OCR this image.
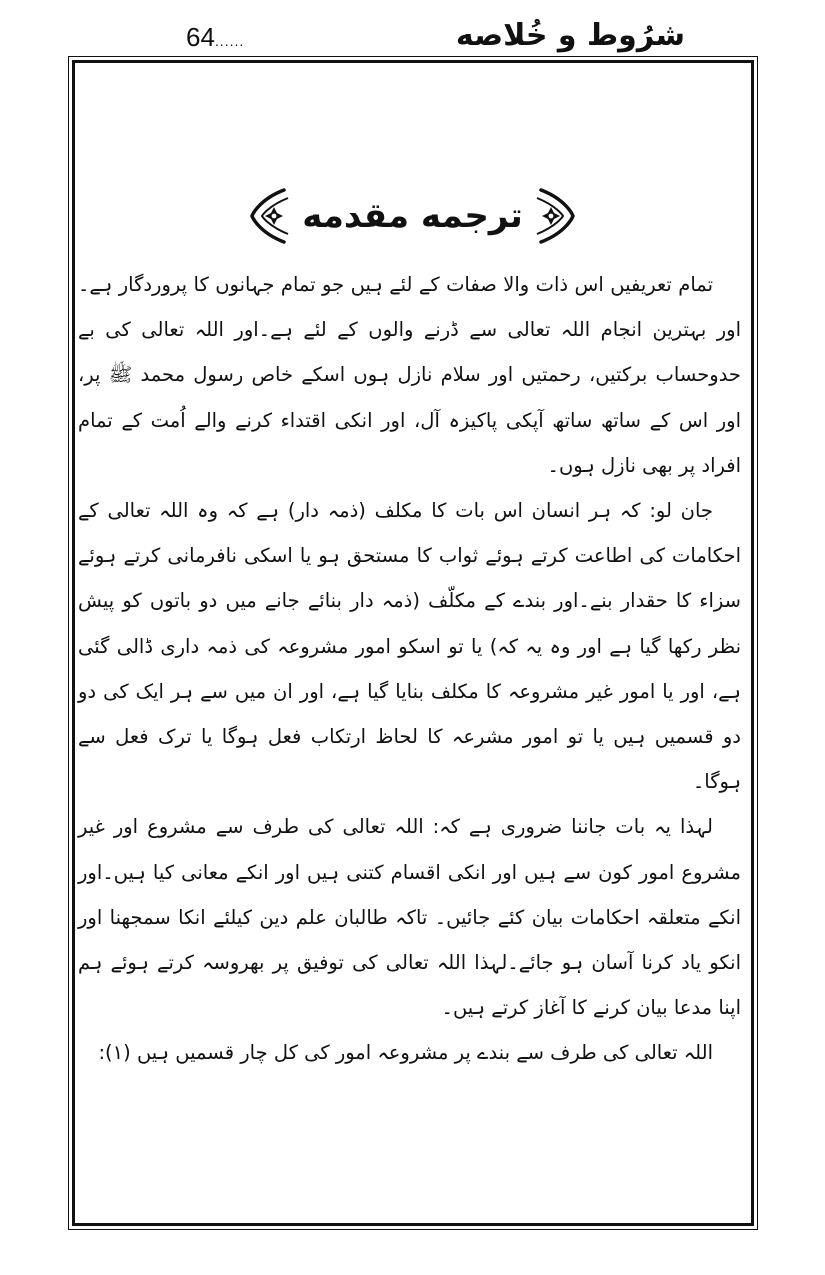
64......	شرُوط و خُلاصه
ترجمه مقدمه

تمام تعریفیں اس ذات والا صفات کے لئے ہیں جو تمام جہانوں کا پروردگار ہے۔اور بہترین انجام اللہ تعالی سے ڈرنے والوں کے لئے ہے۔اور اللہ تعالی کی بے حدوحساب برکتیں، رحمتیں اور سلام نازل ہوں اسکے خاص رسول محمد ﷺ پر، اور اس کے ساتھ ساتھ آپکی پاکیزہ آل، اور انکی اقتداء کرنے والے اُمت کے تمام افراد پر بھی نازل ہوں۔

جان لو: کہ ہر انسان اس بات کا مکلف (ذمہ دار) ہے کہ وہ اللہ تعالی کے احکامات کی اطاعت کرتے ہوئے ثواب کا مستحق ہو یا اسکی نافرمانی کرتے ہوئے سزاء کا حقدار بنے۔اور بندے کے مکلّف (ذمہ دار بنائے جانے میں دو باتوں کو پیش نظر رکھا گیا ہے اور وہ یہ کہ) یا تو اسکو امور مشروعہ کی ذمہ داری ڈالی گئی ہے، اور یا امور غیر مشروعہ کا مکلف بنایا گیا ہے، اور ان میں سے ہر ایک کی دو دو قسمیں ہیں یا تو امور مشرعہ کا لحاظ ارتکاب فعل ہوگا یا ترک فعل سے ہوگا۔

لہذا یہ بات جاننا ضروری ہے کہ: اللہ تعالی کی طرف سے مشروع اور غیر مشروع امور کون سے ہیں اور انکی اقسام کتنی ہیں اور انکے معانی کیا ہیں۔اور انکے متعلقہ احکامات بیان کئے جائیں۔ تاکہ طالبان علم دین کیلئے انکا سمجھنا اور انکو یاد کرنا آسان ہو جائے۔لہذا اللہ تعالی کی توفیق پر بھروسہ کرتے ہوئے ہم اپنا مدعا بیان کرنے کا آغاز کرتے ہیں۔

اللہ تعالی کی طرف سے بندے پر مشروعہ امور کی کل چار قسمیں ہیں (١):
